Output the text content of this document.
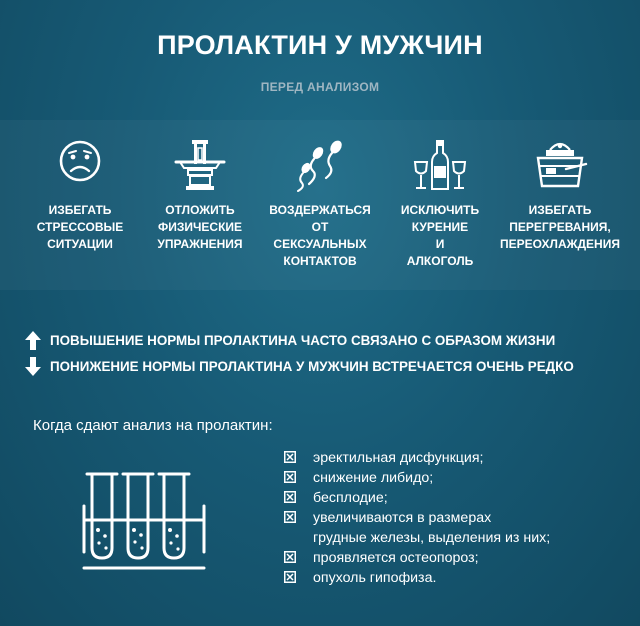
ПРОЛАКТИН У МУЖЧИН
ПЕРЕД АНАЛИЗОМ
ИЗБЕГАТЬ
СТРЕССОВЫЕ
СИТУАЦИИ
ОТЛОЖИТЬ
ФИЗИЧЕСКИЕ
УПРАЖНЕНИЯ
ВОЗДЕРЖАТЬСЯ
ОТ
СЕКСУАЛЬНЫХ
КОНТАКТОВ
ИСКЛЮЧИТЬ
КУРЕНИЕ
И
АЛКОГОЛЬ
ИЗБЕГАТЬ
ПЕРЕГРЕВАНИЯ,
ПЕРЕОХЛАЖДЕНИЯ
ПОВЫШЕНИЕ НОРМЫ ПРОЛАКТИНА ЧАСТО СВЯЗАНО С ОБРАЗОМ ЖИЗНИ
ПОНИЖЕНИЕ НОРМЫ ПРОЛАКТИНА У МУЖЧИН ВСТРЕЧАЕТСЯ ОЧЕНЬ РЕДКО
Когда сдают анализ на пролактин:
эректильная дисфункция;
снижение либидо;
бесплодие;
увеличиваются в размерах
грудные железы, выделения из них;
проявляется остеопороз;
опухоль гипофиза.
